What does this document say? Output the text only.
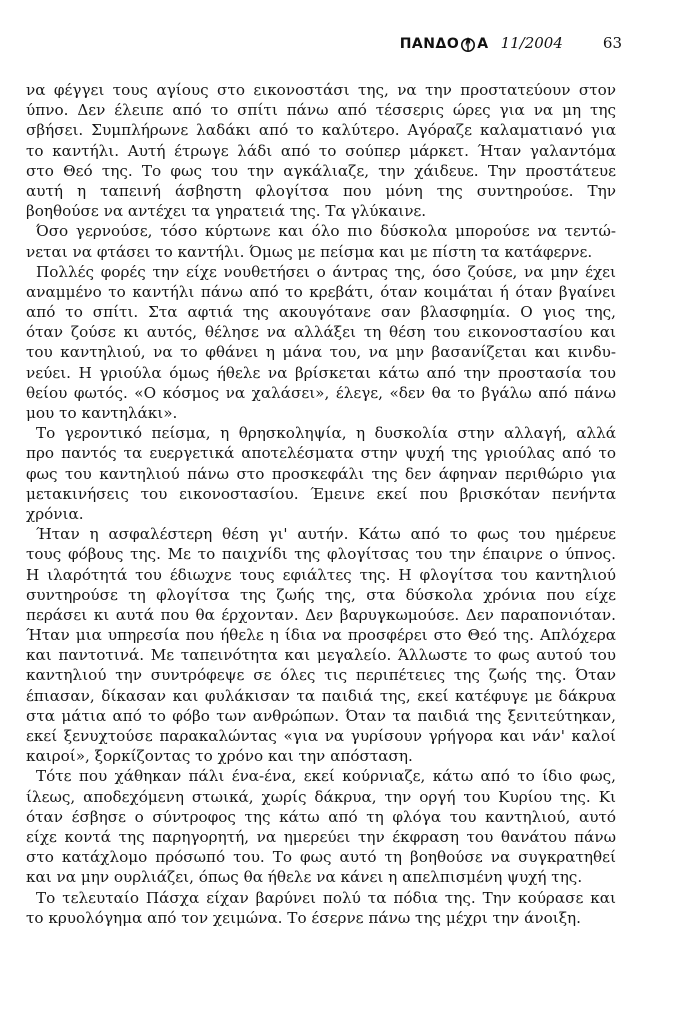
ΠΑΝΔΟ Α 11/2004	63
να φέγγει τους αγίους στο εικονοστάσι της, να την προστατεύουν στον
ύπνο. Δεν έλειπε από το σπίτι πάνω από τέσσερις ώρες για να μη της
σβήσει. Συμπλήρωνε λαδάκι από το καλύτερο. Αγόραζε καλαματιανό για
το καντήλι. Αυτή έτρωγε λάδι από το σούπερ μάρκετ. Ήταν γαλαντόμα
στο Θεό της. Το φως του την αγκάλιαζε, την χάιδευε. Την προστάτευε
αυτή η ταπεινή άσβηστη φλογίτσα που μόνη της συντηρούσε. Την
βοηθούσε να αντέχει τα γηρατειά της. Τα γλύκαινε.
Όσο γερνούσε, τόσο κύρτωνε και όλο πιο δύσκολα μπορούσε να τεντώ-
νεται να φτάσει το καντήλι. Όμως με πείσμα και με πίστη τα κατάφερνε.
Πολλές φορές την είχε νουθετήσει ο άντρας της, όσο ζούσε, να μην έχει
αναμμένο το καντήλι πάνω από το κρεβάτι, όταν κοιμάται ή όταν βγαίνει
από το σπίτι. Στα αφτιά της ακουγότανε σαν βλασφημία. Ο γιος της,
όταν ζούσε κι αυτός, θέλησε να αλλάξει τη θέση του εικονοστασίου και
του καντηλιού, να το φθάνει η μάνα του, να μην βασανίζεται και κινδυ-
νεύει. Η γριούλα όμως ήθελε να βρίσκεται κάτω από την προστασία του
θείου φωτός. «Ο κόσμος να χαλάσει», έλεγε, «δεν θα το βγάλω από πάνω
μου το καντηλάκι».
Το γεροντικό πείσμα, η θρησκοληψία, η δυσκολία στην αλλαγή, αλλά
προ παντός τα ευεργετικά αποτελέσματα στην ψυχή της γριούλας από το
φως του καντηλιού πάνω στο προσκεφάλι της δεν άφηναν περιθώριο για
μετακινήσεις του εικονοστασίου. Έμεινε εκεί που βρισκόταν πενήντα
χρόνια.
Ήταν η ασφαλέστερη θέση γι' αυτήν. Κάτω από το φως του ημέρευε
τους φόβους της. Με το παιχνίδι της φλογίτσας του την έπαιρνε ο ύπνος.
Η ιλαρότητά του έδιωχνε τους εφιάλτες της. Η φλογίτσα του καντηλιού
συντηρούσε τη φλογίτσα της ζωής της, στα δύσκολα χρόνια που είχε
περάσει κι αυτά που θα έρχονταν. Δεν βαρυγκωμούσε. Δεν παραπονιόταν.
Ήταν μια υπηρεσία που ήθελε η ίδια να προσφέρει στο Θεό της. Απλόχερα
και παντοτινά. Με ταπεινότητα και μεγαλείο. Άλλωστε το φως αυτού του
καντηλιού την συντρόφεψε σε όλες τις περιπέτειες της ζωής της. Όταν
έπιασαν, δίκασαν και φυλάκισαν τα παιδιά της, εκεί κατέφυγε με δάκρυα
στα μάτια από το φόβο των ανθρώπων. Όταν τα παιδιά της ξενιτεύτηκαν,
εκεί ξενυχτούσε παρακαλώντας «για να γυρίσουν γρήγορα και νάν' καλοί
καιροί», ξορκίζοντας το χρόνο και την απόσταση.
Τότε που χάθηκαν πάλι ένα-ένα, εκεί κούρνιαζε, κάτω από το ίδιο φως,
ίλεως, αποδεχόμενη στωικά, χωρίς δάκρυα, την οργή του Κυρίου της. Κι
όταν έσβησε ο σύντροφος της κάτω από τη φλόγα του καντηλιού, αυτό
είχε κοντά της παρηγορητή, να ημερεύει την έκφραση του θανάτου πάνω
στο κατάχλομο πρόσωπό του. Το φως αυτό τη βοηθούσε να συγκρατηθεί
και να μην ουρλιάζει, όπως θα ήθελε να κάνει η απελπισμένη ψυχή της.
Το τελευταίο Πάσχα είχαν βαρύνει πολύ τα πόδια της. Την κούρασε και
το κρυολόγημα από τον χειμώνα. Το έσερνε πάνω της μέχρι την άνοιξη.
